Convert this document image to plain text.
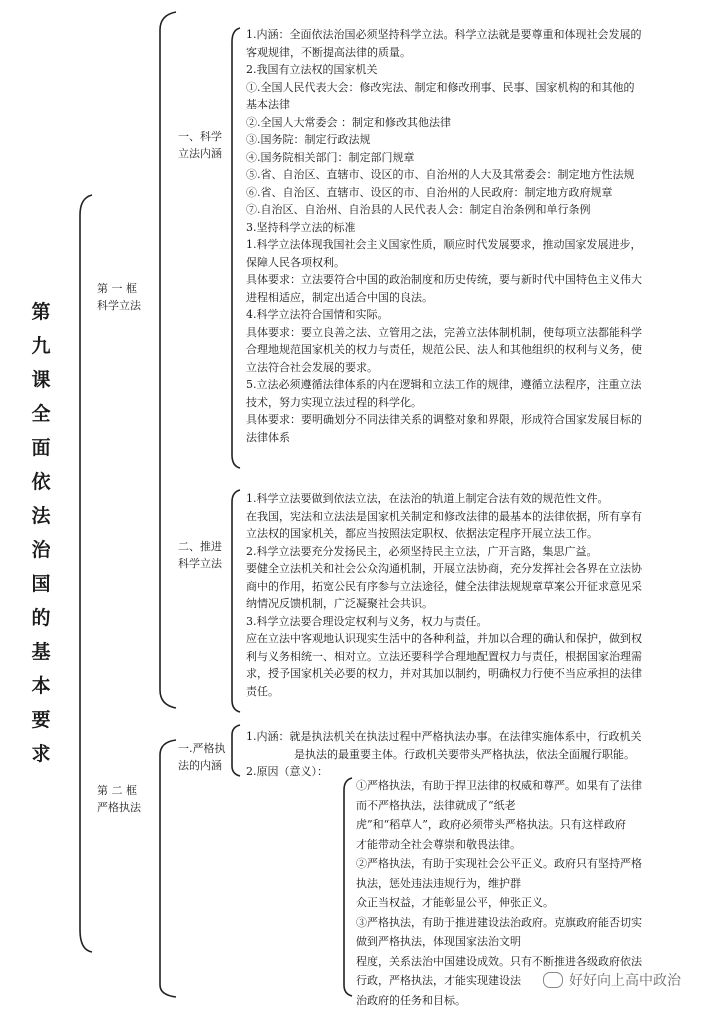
第
九
课
全
面
依
法
治
国
的
基
本
要
求
第 一 框
科学立法
第 二 框
严格执法
一、科学
立法内涵
二、推进
科学立法
一.严格执
法的内涵
1.内涵：全面依法治国必须坚持科学立法。科学立法就是要尊重和体现社会发展的
客观规律，不断提高法律的质量。
2.我国有立法权的国家机关
①.全国人民代表大会：修改宪法、制定和修改刑事、民事、国家机构的和其他的
基本法律
②.全国人大常委会 ：制定和修改其他法律
③.国务院：制定行政法规
④.国务院相关部门：制定部门规章
⑤.省、自治区、直辖市、设区的市、自治州的人大及其常委会：制定地方性法规
⑥.省、自治区、直辖市、设区的市、自治州的人民政府：制定地方政府规章
⑦.自治区、自治州、自治县的人民代表人会：制定自治条例和单行条例
3.坚持科学立法的标准
1.科学立法体现我国社会主义国家性质，顺应时代发展要求，推动国家发展进步，
保障人民各项权利。
具体要求：立法要符合中国的政治制度和历史传统，要与新时代中国特色主义伟大
进程相适应，制定出适合中国的良法。
4.科学立法符合国情和实际。
具体要求：要立良善之法、立管用之法，完善立法体制机制，使每项立法都能科学
合理地规范国家机关的权力与责任，规范公民、法人和其他组织的权利与义务，使
立法符合社会发展的要求。
5.立法必须遵循法律体系的内在逻辑和立法工作的规律，遵循立法程序，注重立法
技术，努力实现立法过程的科学化。
具体要求：要明确划分不同法律关系的调整对象和界限，形成符合国家发展目标的
法律体系
1.科学立法要做到依法立法，在法治的轨道上制定合法有效的规范性文件。
在我国，宪法和立法法是国家机关制定和修改法律的最基本的法律依据，所有享有
立法权的国家机关，都应当按照法定职权、依据法定程序开展立法工作。
2.科学立法要充分发扬民主，必须坚持民主立法，广开言路，集思广益。
要健全立法机关和社会公众沟通机制，开展立法协商，充分发挥社会各界在立法协
商中的作用，拓宽公民有序参与立法途径，健全法律法规规章草案公开征求意见采
纳情况反馈机制，广泛凝聚社会共识。
3.科学立法要合理设定权利与义务，权力与责任。
应在立法中客观地认识现实生活中的各种利益，并加以合理的确认和保护，做到权
利与义务相统一、相对立。立法还要科学合理地配置权力与责任，根据国家治理需
求，授予国家机关必要的权力，并对其加以制约，明确权力行使不当应承担的法律
责任。
1.内涵：就是执法机关在执法过程中严格执法办事。在法律实施体系中，行政机关
是执法的最重要主体。行政机关要带头严格执法，依法全面履行职能。
2.原因（意义）：
①严格执法，有助于捍卫法律的权威和尊严。如果有了法律
而不严格执法，法律就成了“纸老
虎”和“稻草人”，政府必须带头严格执法。只有这样政府
才能带动全社会尊崇和敬畏法律。
②严格执法，有助于实现社会公平正义。政府只有坚持严格
执法，惩处违法违规行为，维护群
众正当权益，才能彰显公平，伸张正义。
③严格执法，有助于推进建设法治政府。克旗政府能否切实
做到严格执法，体现国家法治文明
程度，关系法治中国建设成效。只有不断推进各级政府依法
行政，严格执法，才能实现建设法
治政府的任务和目标。
好好向上高中政治
